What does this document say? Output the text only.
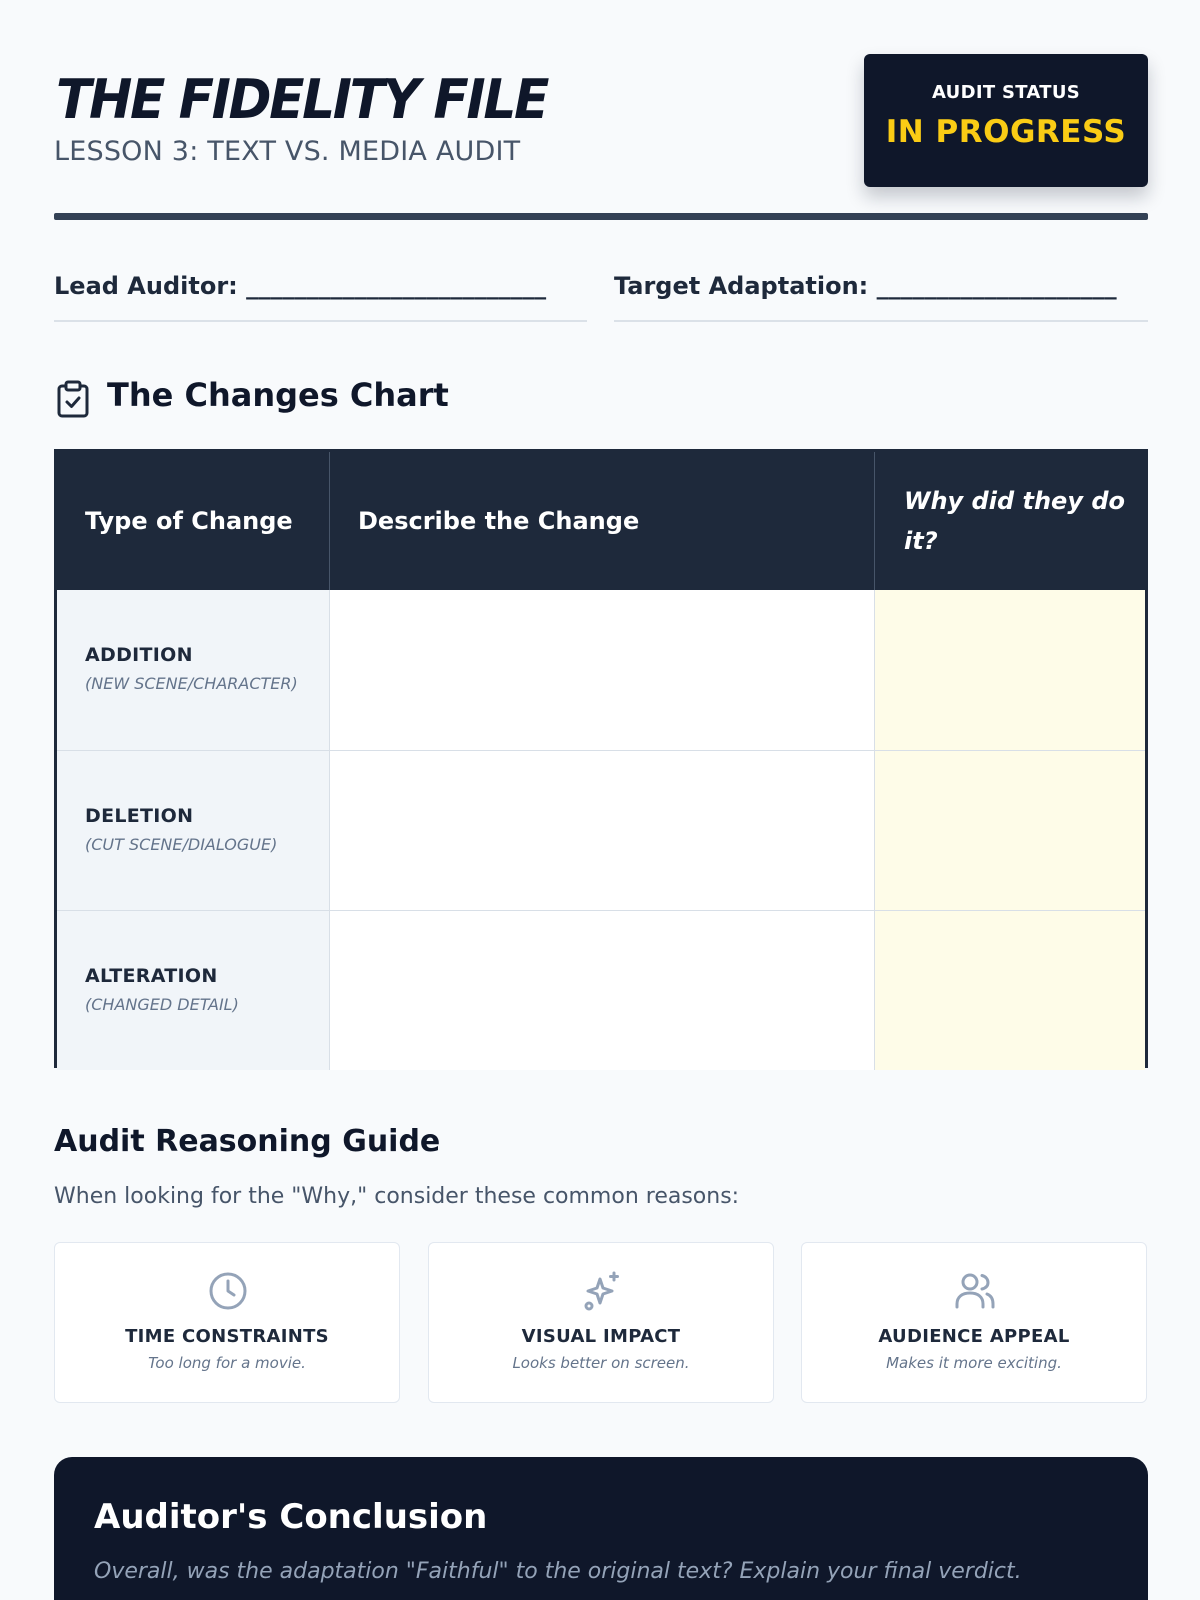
THE FIDELITY FILE
LESSON 3: TEXT VS. MEDIA AUDIT
AUDIT STATUS
IN PROGRESS
Lead Auditor: _________________________	Target Adaptation: ____________________
The Changes Chart
Type of Change	Describe the Change
Why did they do it?
ADDITION
(NEW SCENE/CHARACTER)
DELETION
(CUT SCENE/DIALOGUE)
ALTERATION
(CHANGED DETAIL)
Audit Reasoning Guide
When looking for the "Why," consider these common reasons:
TIME CONSTRAINTS
Too long for a movie.
VISUAL IMPACT
Looks better on screen.
AUDIENCE APPEAL
Makes it more exciting.
Auditor's Conclusion
Overall, was the adaptation "Faithful" to the original text? Explain your final verdict.
